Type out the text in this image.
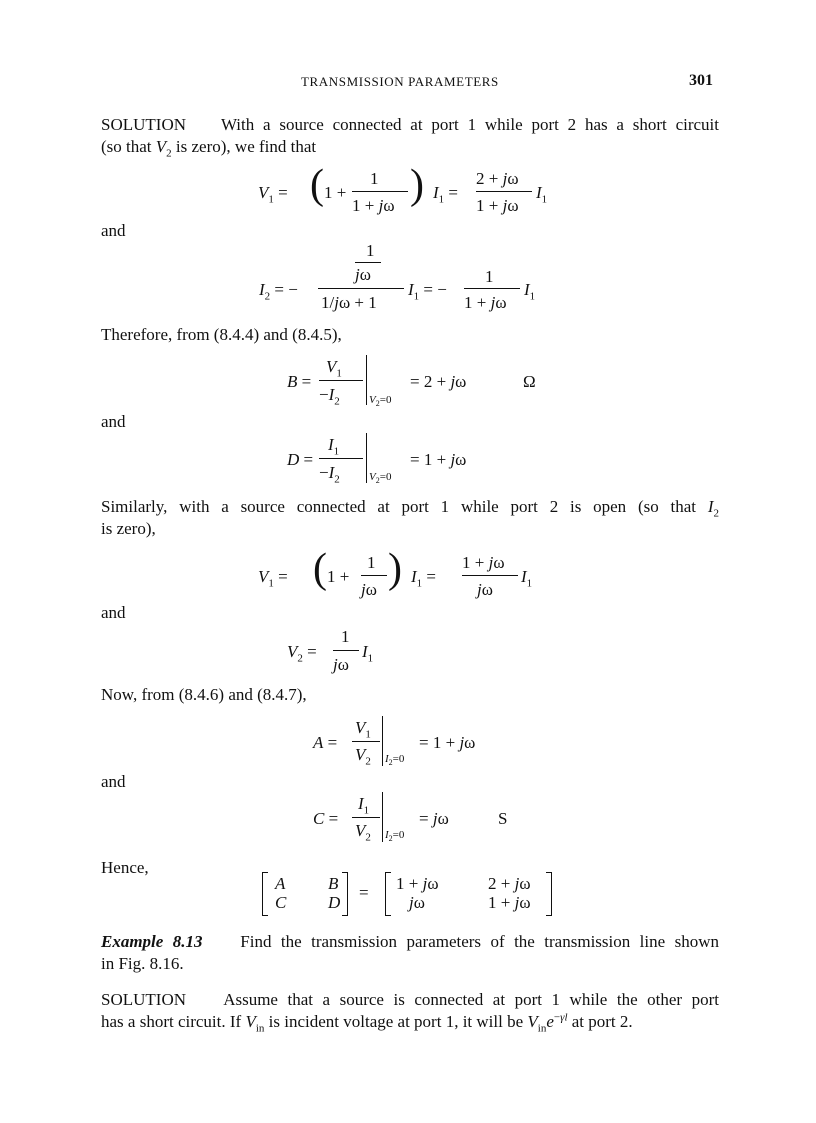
TRANSMISSION PARAMETERS	301
SOLUTION With a source connected at port 1 while port 2 has a short circuit
(so that $V_2$ is zero), we find that
$V_1$ = ( 1 +
1
1 + jω ) $I_1$ =
2 + jω
1 + jω
$I_1$
and
1
jω
$I_2$ = −
1/jω + 1
$I_1$ = −
1
1 + jω
$I_1$
Therefore, from (8.4.4) and (8.4.5),
B =
$V_1$
$-I_2$	$V_2=0$
= 2 + jω	Ω
and
D =
$I_1$
$-I_2$	$V_2=0$
= 1 + jω
Similarly, with a source connected at port 1 while port 2 is open (so that $I_2$
is zero),
$V_1$ = ( 1 +
1
jω ) $I_1$ =
1 + jω
jω
$I_1$
and
$V_2$ =
1
jω
$I_1$
Now, from (8.4.6) and (8.4.7),
A =
$V_1$
$V_2$ $I_2=0$
= 1 + jω
and
C =
$I_1$
$V_2$ $I_2=0$
= jω	S
Hence,
A	B
C D
= 1 + jω	2 + jω
jω	1 + jω
Example 8.13 Find the transmission parameters of the transmission line shown
in Fig. 8.16.
SOLUTION Assume that a source is connected at port 1 while the other port
has a short circuit. If $V_{in}$ is incident voltage at port 1, it will be $V_{in}e^{-\gamma l}$ at port 2.
